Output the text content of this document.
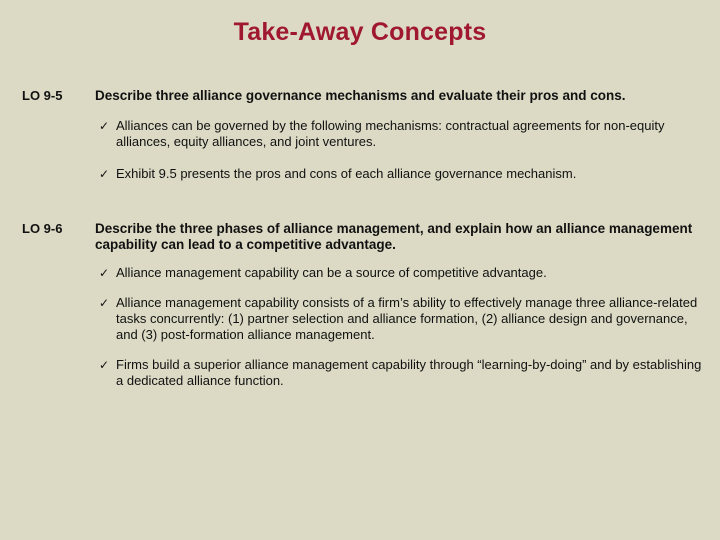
Take-Away Concepts
LO 9-5 Describe three alliance governance mechanisms and evaluate their pros and cons.
✓ Alliances can be governed by the following mechanisms: contractual agreements for non-equity alliances, equity alliances, and joint ventures.
✓ Exhibit 9.5 presents the pros and cons of each alliance governance mechanism.
LO 9-6 Describe the three phases of alliance management, and explain how an alliance management capability can lead to a competitive advantage.
✓ Alliance management capability can be a source of competitive advantage.
✓ Alliance management capability consists of a firm’s ability to effectively manage three alliance-related tasks concurrently: (1) partner selection and alliance formation, (2) alliance design and governance, and (3) post-formation alliance management.
✓ Firms build a superior alliance management capability through “learning-by-doing” and by establishing a dedicated alliance function.
